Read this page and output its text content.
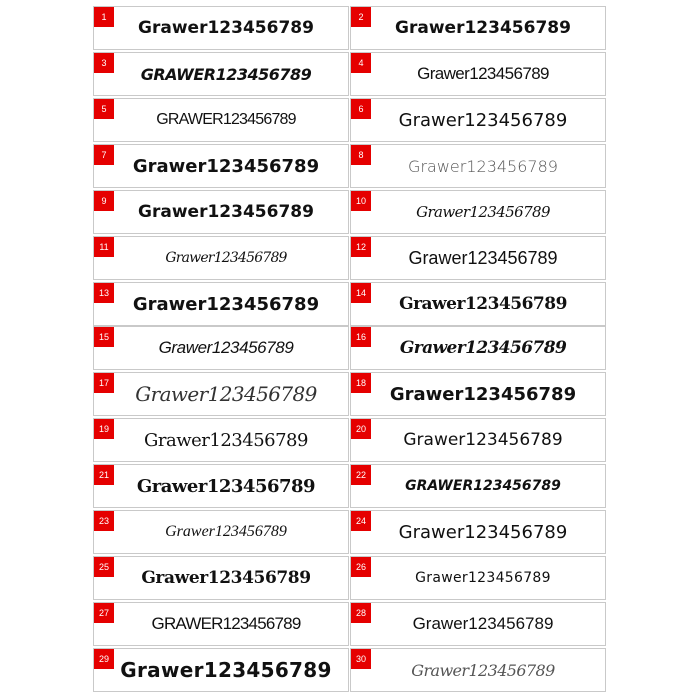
Grawer123456789
1
Grawer123456789
2
GRAWER123456789
3
Grawer123456789
4
GRAWER123456789
5
Grawer123456789
6
Grawer123456789
7
Grawer123456789
8
Grawer123456789
9
Grawer123456789
10
Grawer123456789
11
Grawer123456789
12
Grawer123456789
13
Grawer123456789
14
Grawer123456789
15
Grawer123456789
16
Grawer123456789
17
Grawer123456789
18
Grawer123456789
19
Grawer123456789
20
Grawer123456789
21
GRAWER123456789
22
Grawer123456789
23
Grawer123456789
24
Grawer123456789
25
Grawer123456789
26
GRAWER123456789
27
Grawer123456789
28
Grawer123456789
29
Grawer123456789
30
